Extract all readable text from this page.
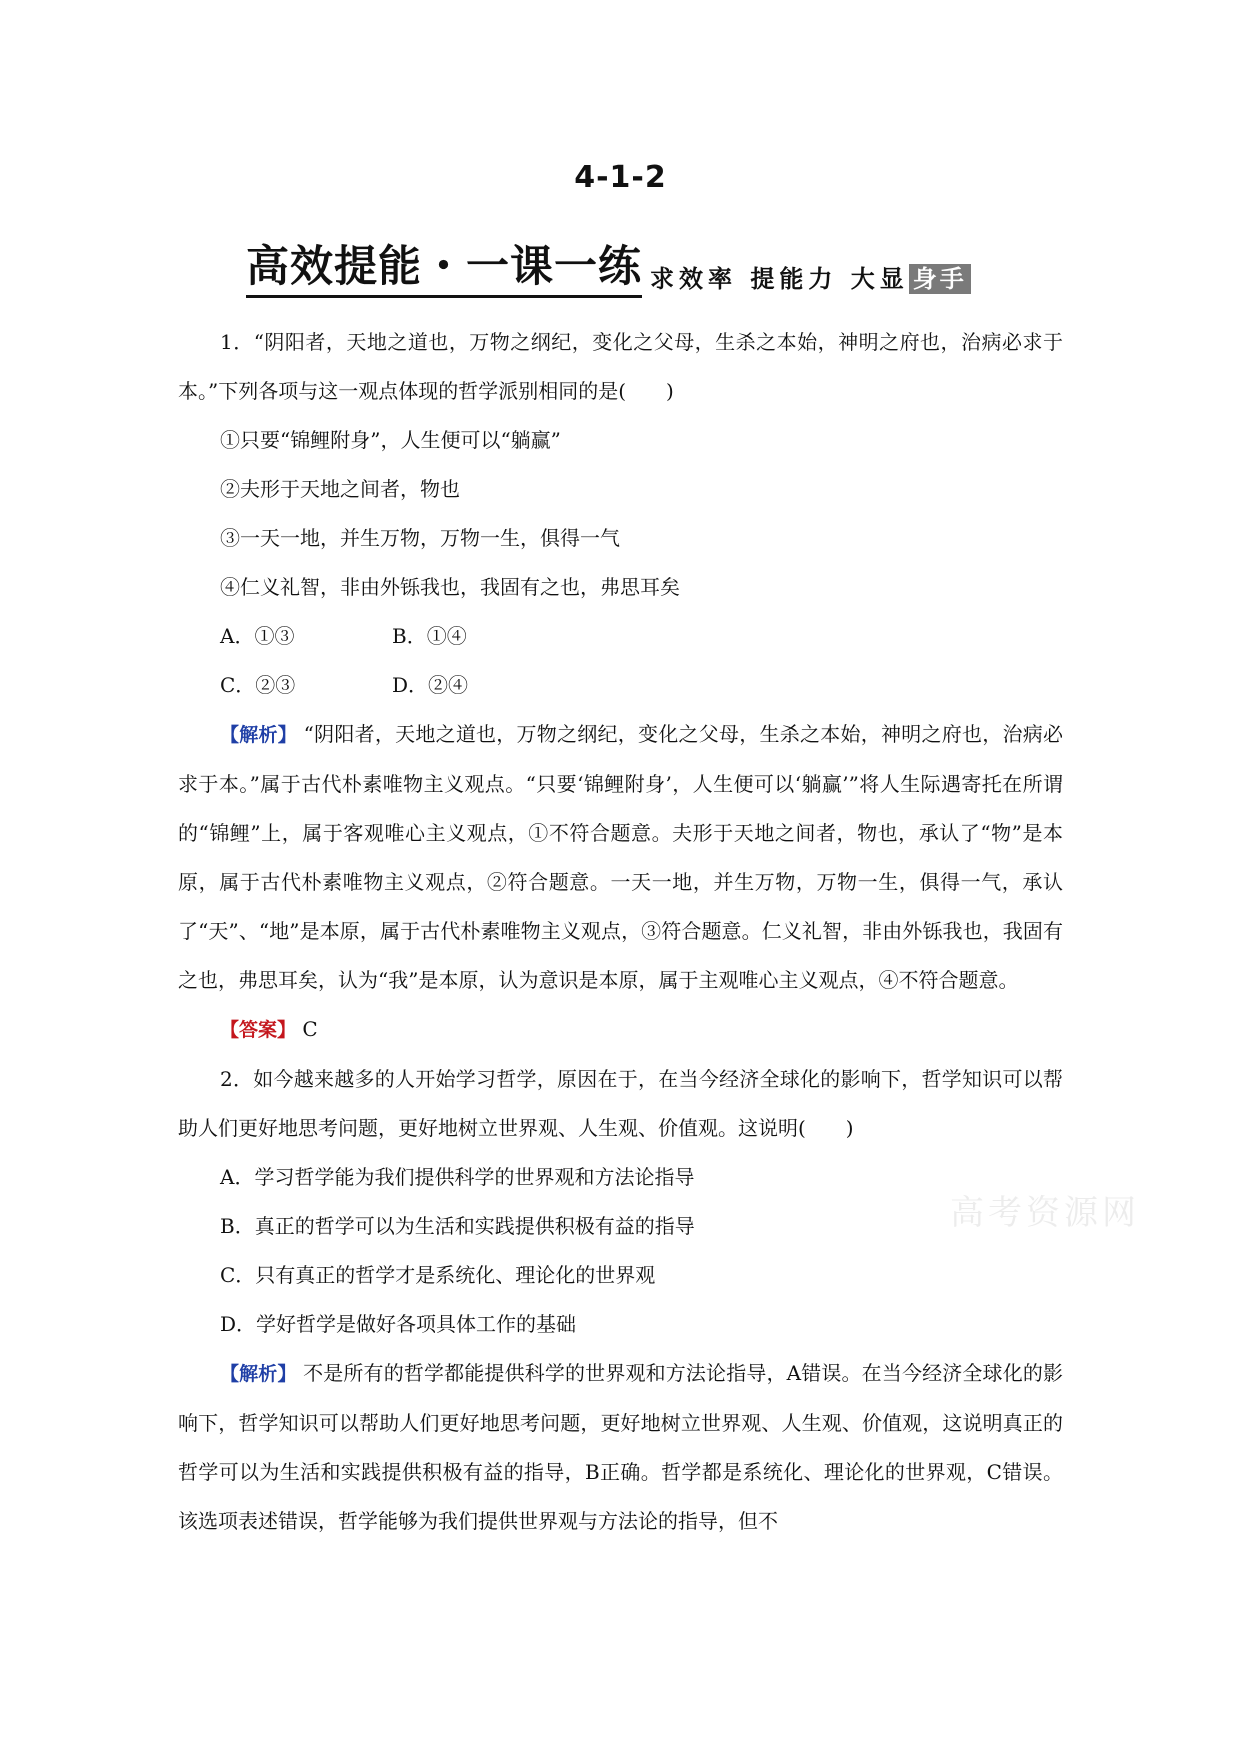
4-1-2
高效提能・一课一练 求效率 提能力 大显 身手
高考资源网

1．“阴阳者，天地之道也，万物之纲纪，变化之父母，生杀之本始，神明之府也，治病必求于本。”下列各项与这一观点体现的哲学派别相同的是(　　)

①只要“锦鲤附身”，人生便可以“躺赢”

②夫形于天地之间者，物也

③一天一地，并生万物，万物一生，俱得一气

④仁义礼智，非由外铄我也，我固有之也，弗思耳矣

A．①③	B．①④

C．②③	D．②④

【解析】 “阴阳者，天地之道也，万物之纲纪，变化之父母，生杀之本始，神明之府也，治病必求于本。”属于古代朴素唯物主义观点。“只要‘锦鲤附身’，人生便可以‘躺赢’”将人生际遇寄托在所谓的“锦鲤”上，属于客观唯心主义观点，①不符合题意。夫形于天地之间者，物也，承认了“物”是本原，属于古代朴素唯物主义观点，②符合题意。一天一地，并生万物，万物一生，俱得一气，承认了“天”、“地”是本原，属于古代朴素唯物主义观点，③符合题意。仁义礼智，非由外铄我也，我固有之也，弗思耳矣，认为“我”是本原，认为意识是本原，属于主观唯心主义观点，④不符合题意。

【答案】 C

2．如今越来越多的人开始学习哲学，原因在于，在当今经济全球化的影响下，哲学知识可以帮助人们更好地思考问题，更好地树立世界观、人生观、价值观。这说明(　　)

A．学习哲学能为我们提供科学的世界观和方法论指导

B．真正的哲学可以为生活和实践提供积极有益的指导

C．只有真正的哲学才是系统化、理论化的世界观

D．学好哲学是做好各项具体工作的基础

【解析】 不是所有的哲学都能提供科学的世界观和方法论指导，A错误。在当今经济全球化的影响下，哲学知识可以帮助人们更好地思考问题，更好地树立世界观、人生观、价值观，这说明真正的哲学可以为生活和实践提供积极有益的指导，B正确。哲学都是系统化、理论化的世界观，C错误。该选项表述错误，哲学能够为我们提供世界观与方法论的指导，但不
